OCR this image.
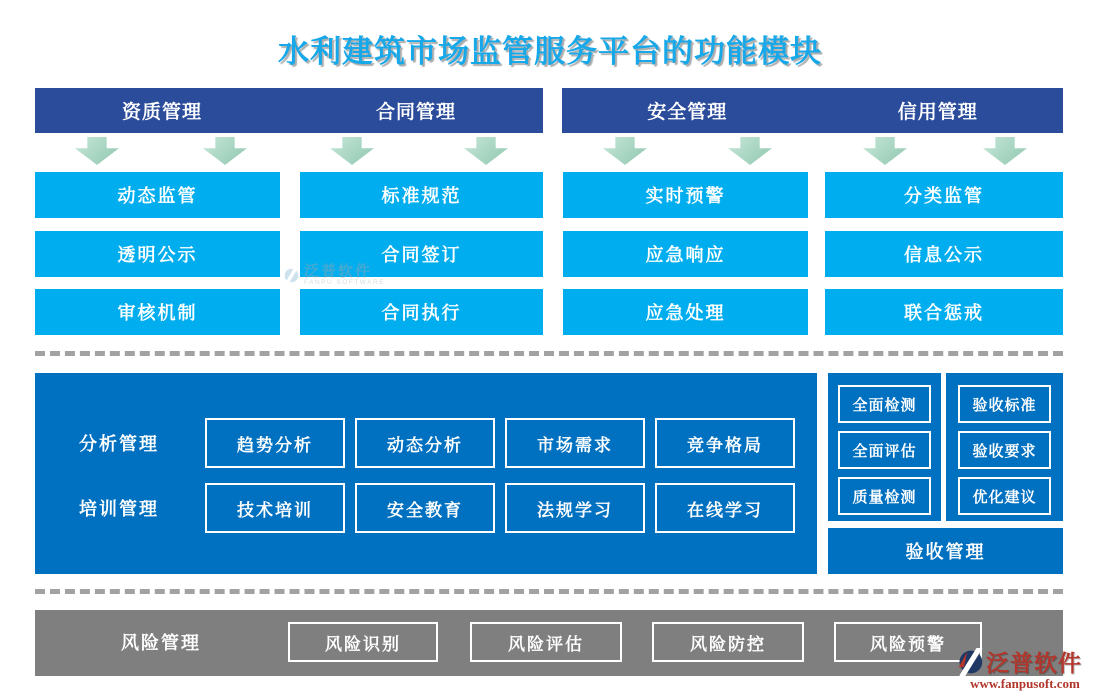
水利建筑市场监管服务平台的功能模块
资质管理	合同管理	安全管理	信用管理
动态监管
透明公示
审核机制
标准规范
合同签订
合同执行
实时预警
应急响应
应急处理
分类监管
信息公示
联合惩戒
泛普软件
FANPU SOFTWARE
分析管理	趋势分析	动态分析	市场需求	竞争格局
培训管理	技术培训	安全教育	法规学习	在线学习
全面检测
全面评估
质量检测
验收标准
验收要求
优化建议
验收管理
风险管理	风险识别	风险评估	风险防控	风险预警
泛普软件
www.fanpusoft.com
